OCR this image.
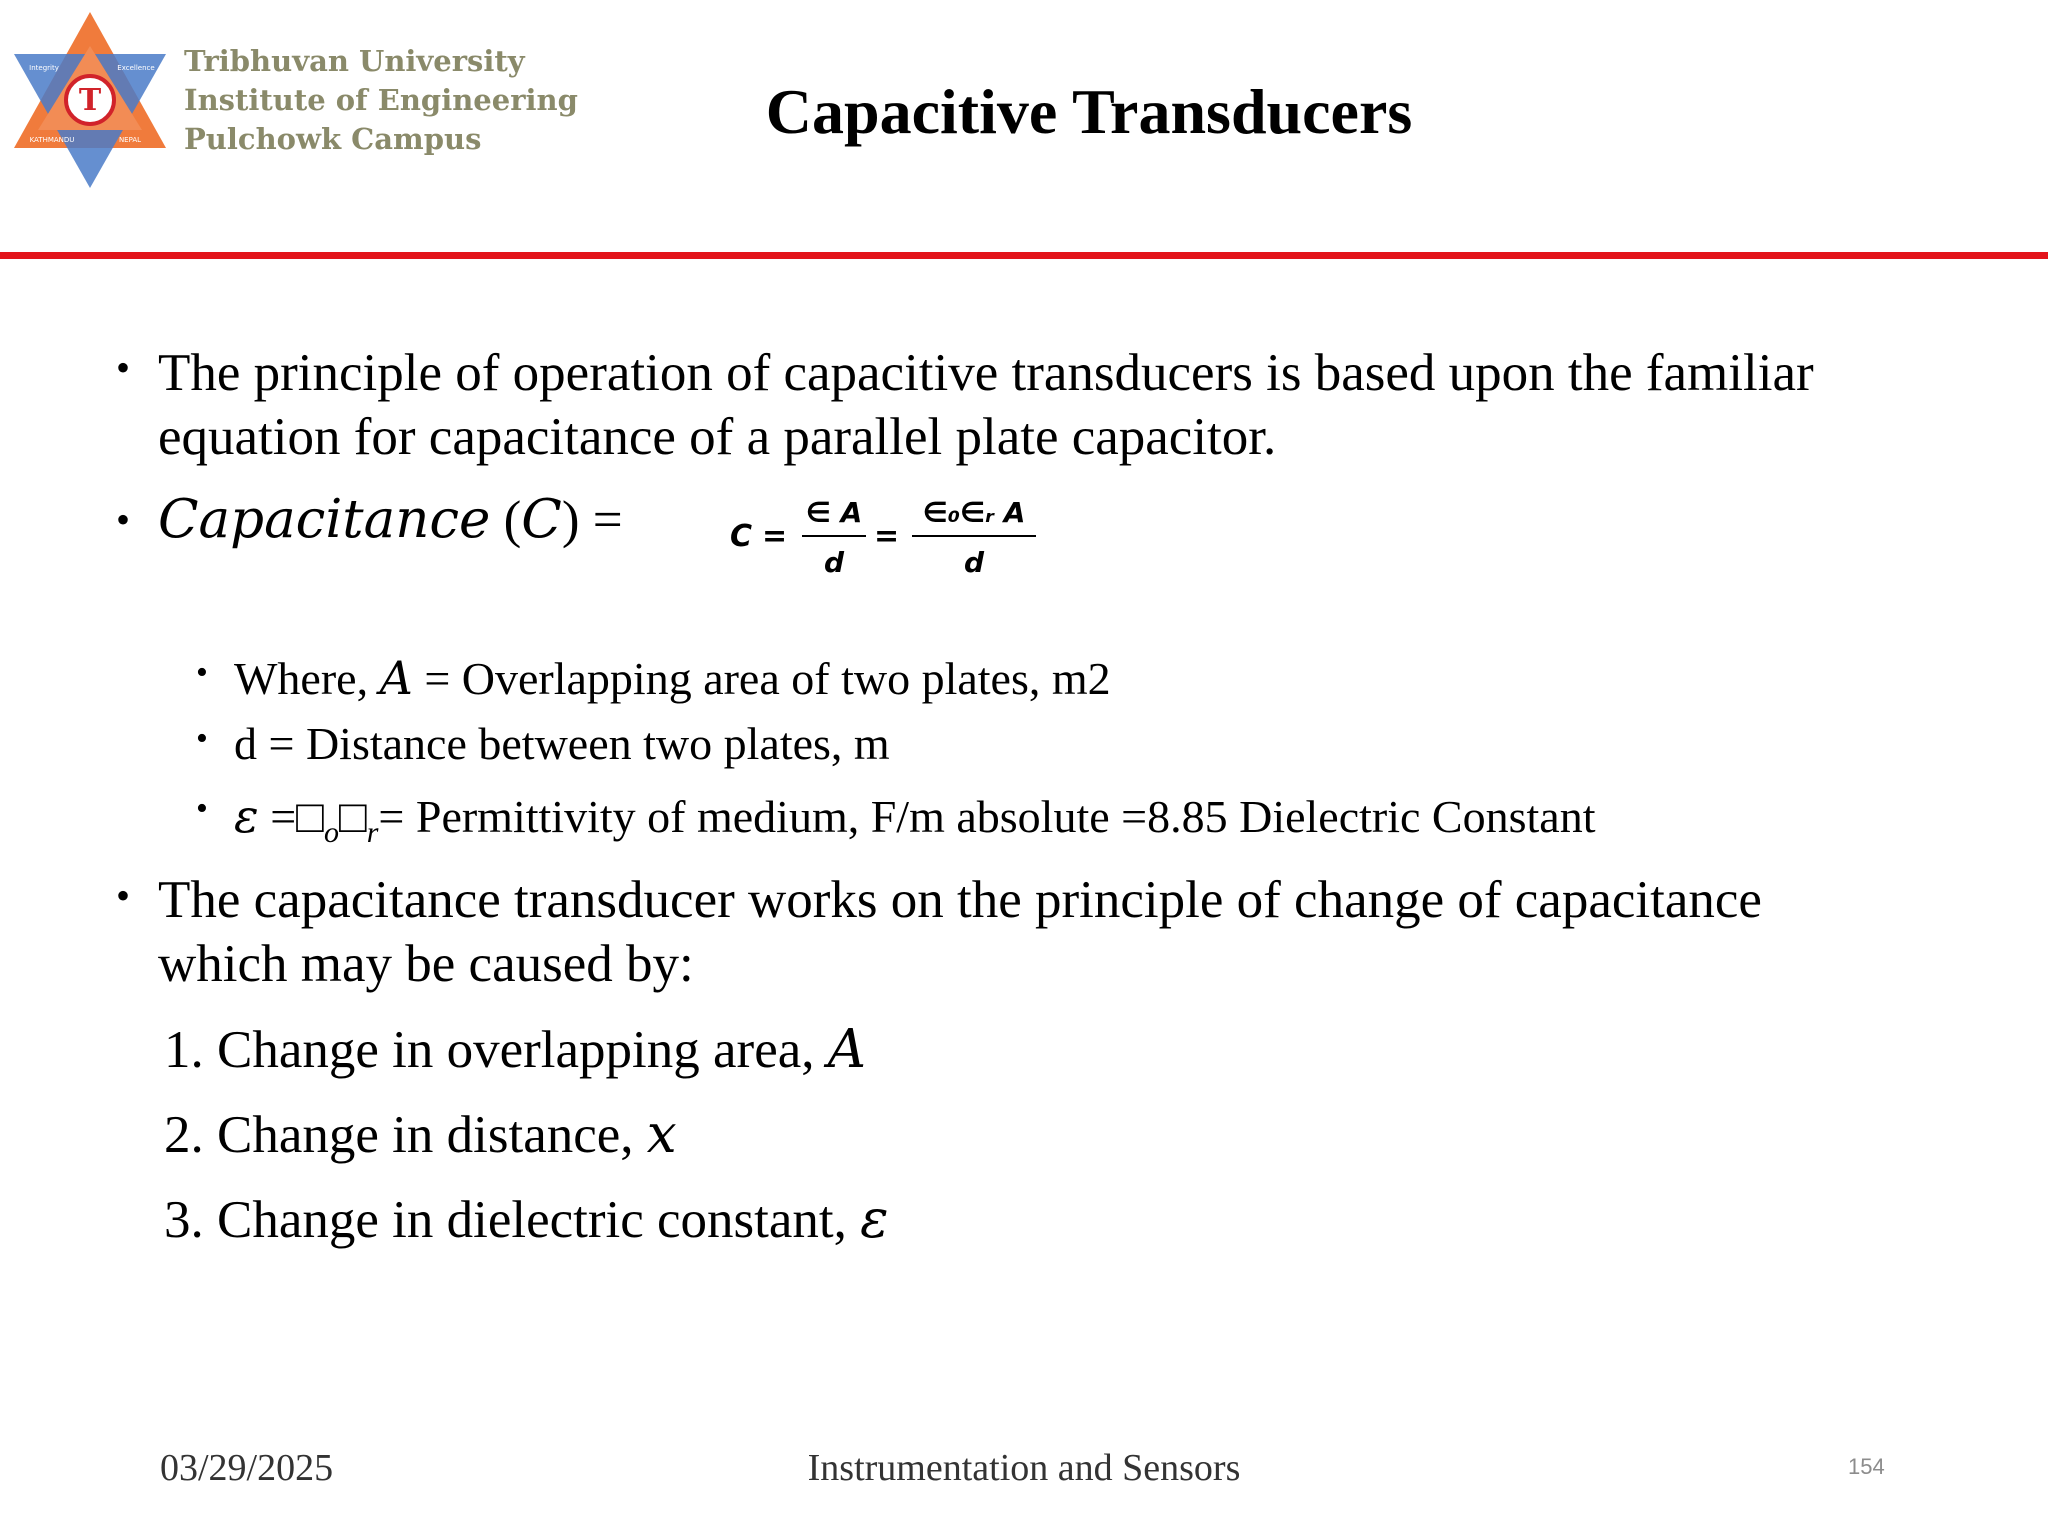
T
Integrity	Excellence
KATHMANDU	NEPAL
Tribhuvan University
Institute of Engineering
Pulchowk Campus	Capacitive Transducers
• The principle of operation of capacitive transducers is based upon the familiar equation for capacitance of a parallel plate capacitor.
• Capacitance (C) =	C =
∈ A
d
=
∈₀∈ᵣ A
d
• Where, A = Overlapping area of two plates, m2
• d = Distance between two plates, m
• $\varepsilon =□_o□_r=$ Permittivity of medium, F/m absolute =8.85 Dielectric Constant
• The capacitance transducer works on the principle of change of capacitance which may be caused by:
1. Change in overlapping area, A
2. Change in distance, x
3. Change in dielectric constant, ε
03/29/2025	Instrumentation and Sensors	154
